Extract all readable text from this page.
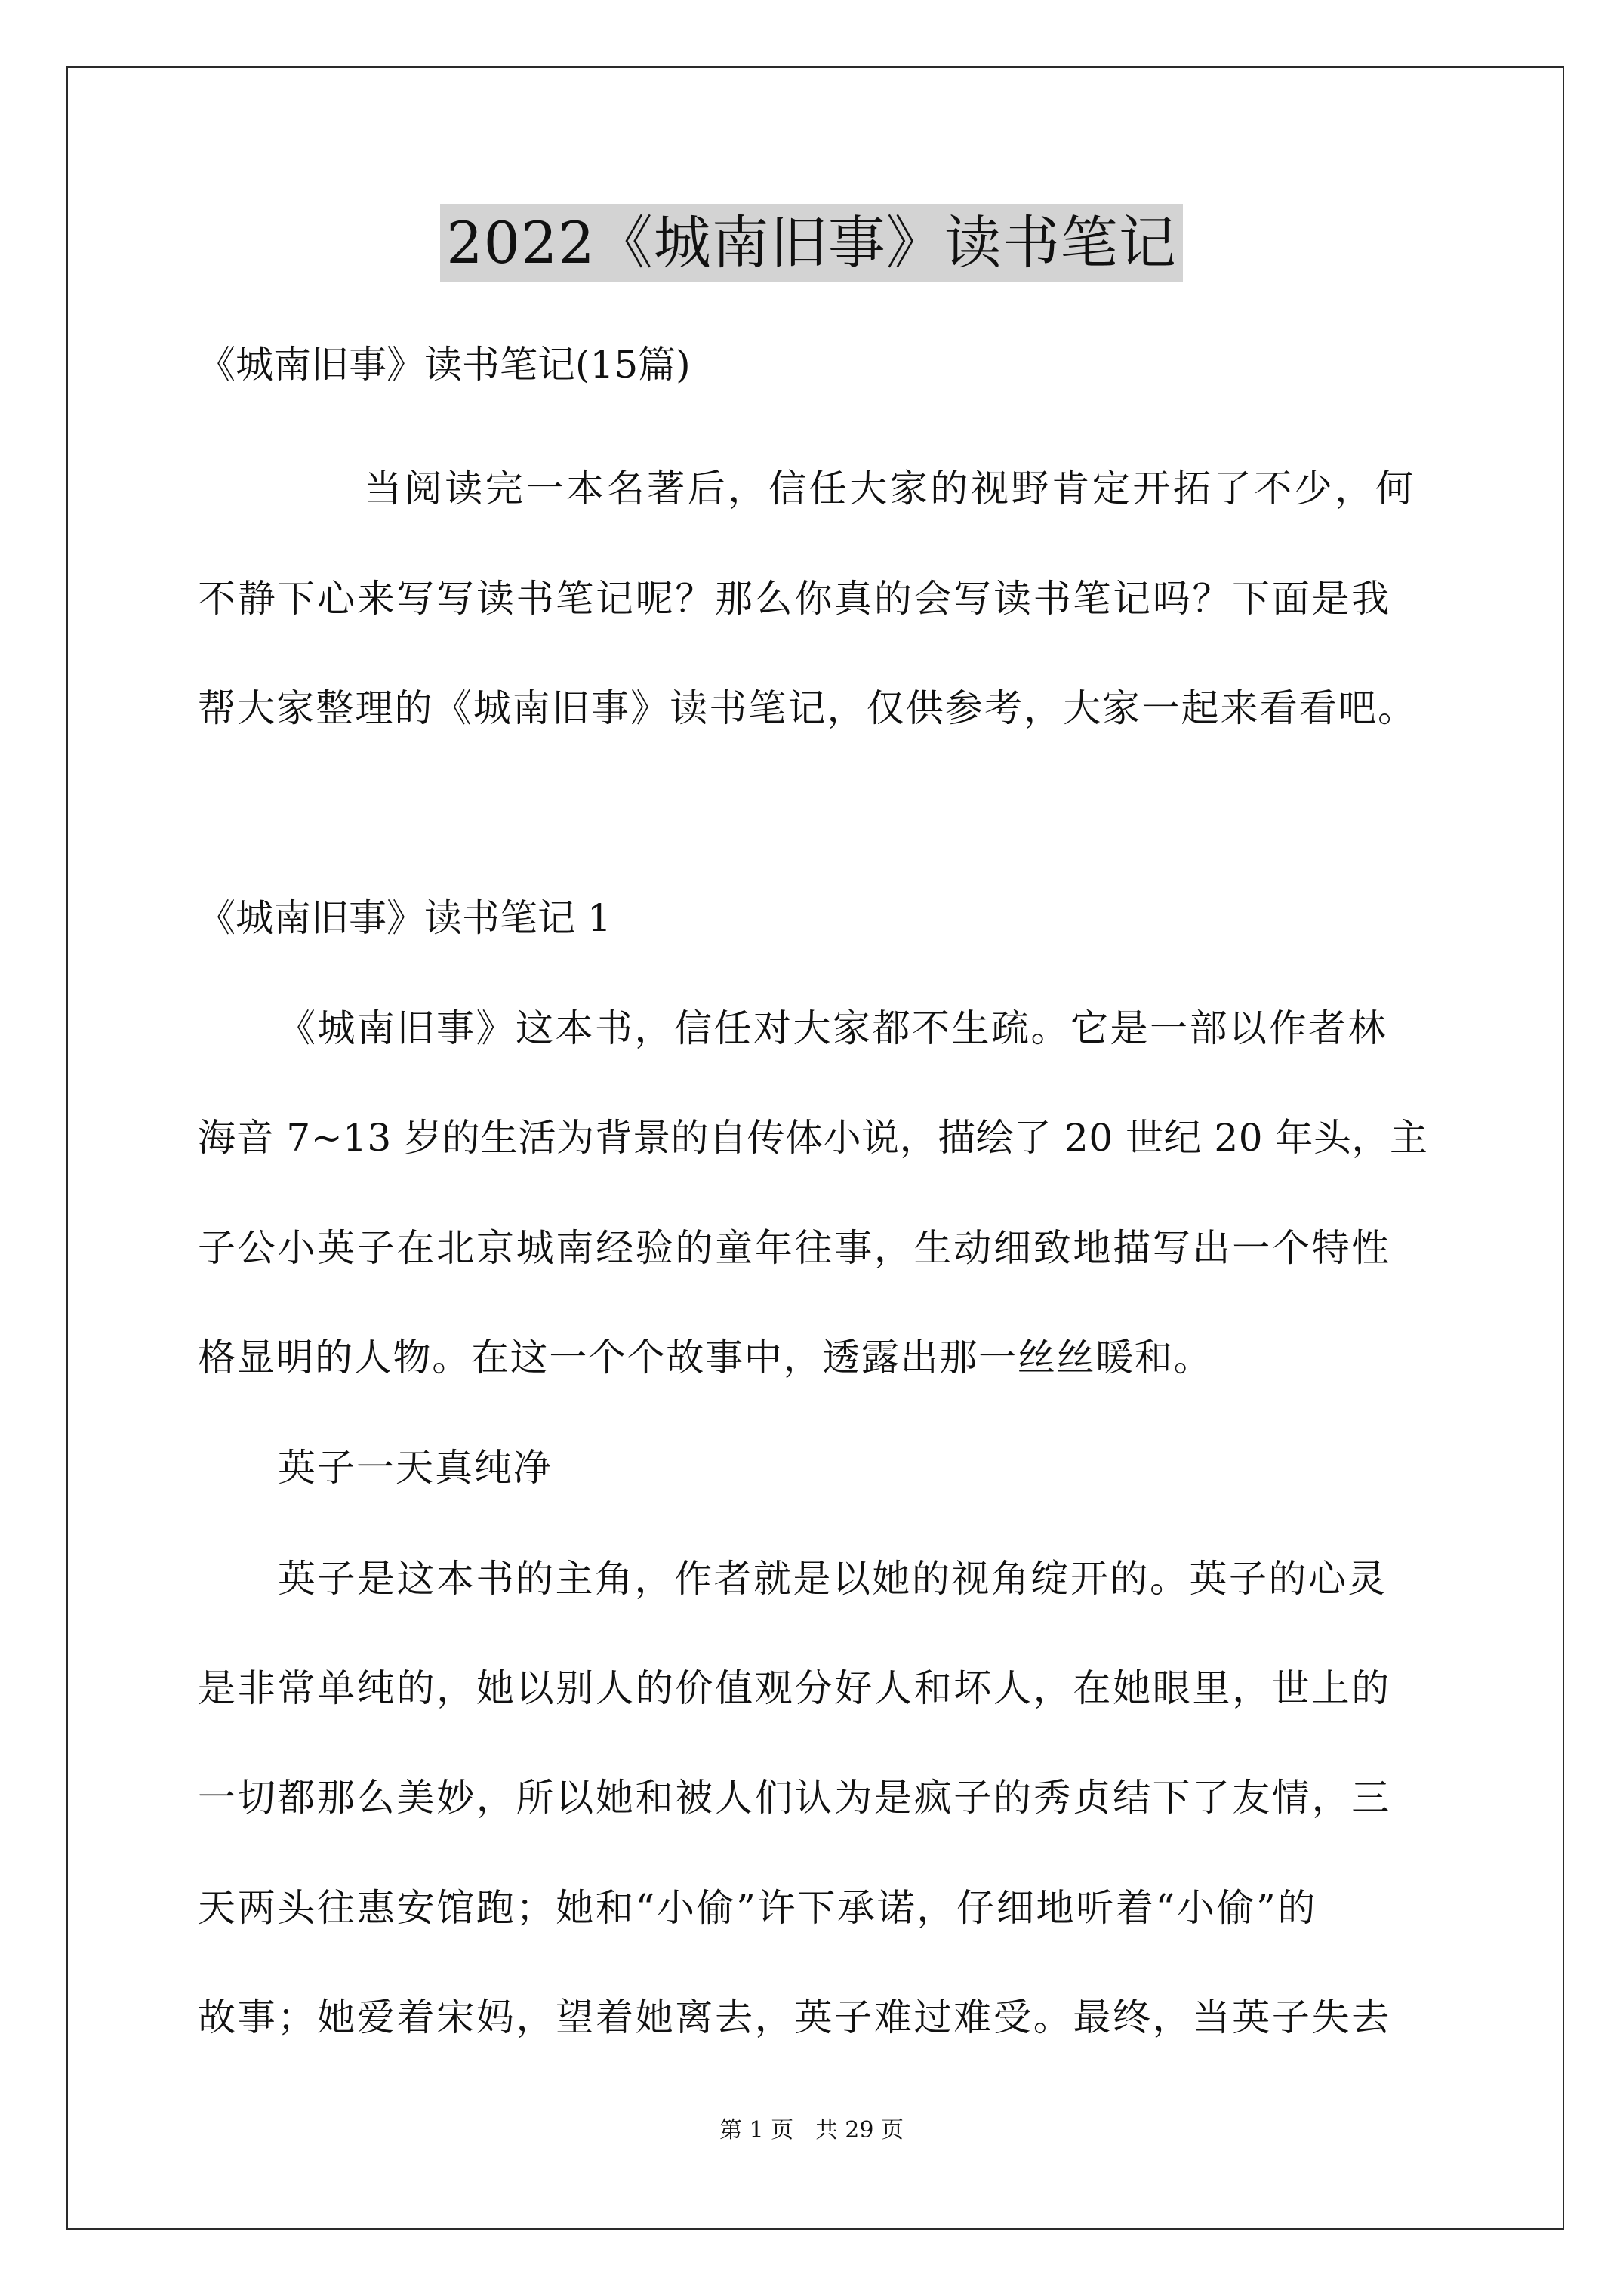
2022《城南旧事》读书笔记
《城南旧事》读书笔记(15篇)
当阅读完一本名著后，信任大家的视野肯定开拓了不少，何
不静下心来写写读书笔记呢？那么你真的会写读书笔记吗？下面是我
帮大家整理的《城南旧事》读书笔记，仅供参考，大家一起来看看吧。
《城南旧事》读书笔记 1
《城南旧事》这本书，信任对大家都不生疏。它是一部以作者林
海音 7~13 岁的生活为背景的自传体小说，描绘了 20 世纪 20 年头，主
子公小英子在北京城南经验的童年往事，生动细致地描写出一个特性
格显明的人物。在这一个个故事中，透露出那一丝丝暖和。
英子一天真纯净
英子是这本书的主角，作者就是以她的视角绽开的。英子的心灵
是非常单纯的，她以别人的价值观分好人和坏人，在她眼里，世上的
一切都那么美妙，所以她和被人们认为是疯子的秀贞结下了友情，三
天两头往惠安馆跑；她和“小偷”许下承诺，仔细地听着“小偷”的
故事；她爱着宋妈，望着她离去，英子难过难受。最终，当英子失去
第 1 页   共 29 页
